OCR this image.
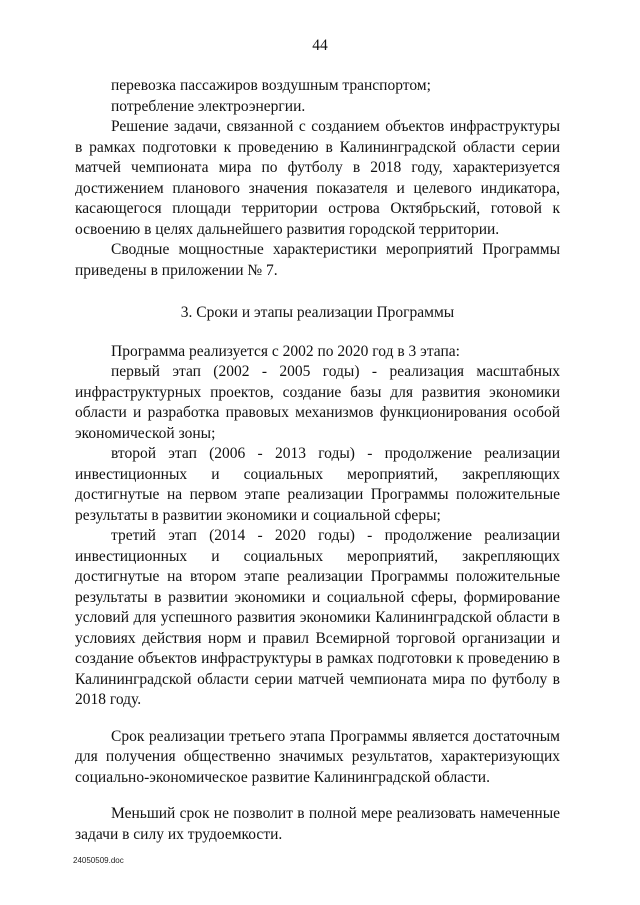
44

перевозка пассажиров воздушным транспортом;

потребление электроэнергии.

Решение задачи, связанной с созданием объектов инфраструктуры в рамках подготовки к проведению в Калининградской области серии матчей чемпионата мира по футболу в 2018 году, характеризуется достижением планового значения показателя и целевого индикатора, касающегося площади территории острова Октябрьский, готовой к освоению в целях дальнейшего развития городской территории.

Сводные мощностные характеристики мероприятий Программы приведены в приложении № 7.

3. Сроки и этапы реализации Программы

Программа реализуется с 2002 по 2020 год в 3 этапа:

первый этап (2002 - 2005 годы) - реализация масштабных инфраструктурных проектов, создание базы для развития экономики области и разработка правовых механизмов функционирования особой экономической зоны;

второй этап (2006 - 2013 годы) - продолжение реализации инвестиционных и социальных мероприятий, закрепляющих достигнутые на первом этапе реализации Программы положительные результаты в развитии экономики и социальной сферы;

третий этап (2014 - 2020 годы) - продолжение реализации инвестиционных и социальных мероприятий, закрепляющих достигнутые на втором этапе реализации Программы положительные результаты в развитии экономики и социальной сферы, формирование условий для успешного развития экономики Калининградской области в условиях действия норм и правил Всемирной торговой организации и создание объектов инфраструктуры в рамках подготовки к проведению в Калининградской области серии матчей чемпионата мира по футболу в 2018 году.

Срок реализации третьего этапа Программы является достаточным для получения общественно значимых результатов, характеризующих социально-экономическое развитие Калининградской области.

Меньший срок не позволит в полной мере реализовать намеченные задачи в силу их трудоемкости.

24050509.doc
